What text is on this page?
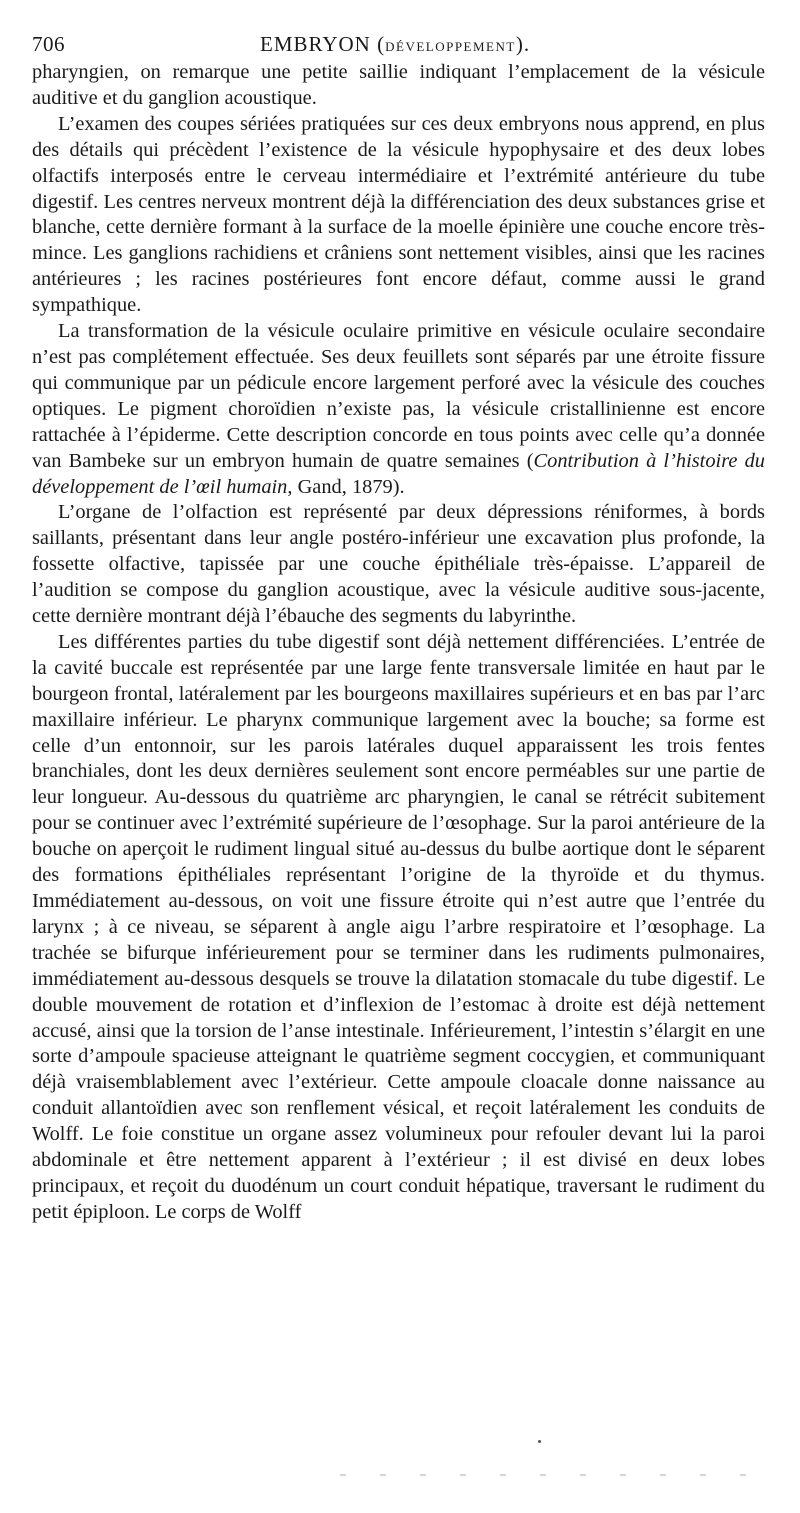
706	EMBRYON (DÉVELOPPEMENT).

pharyngien, on remarque une petite saillie indiquant l’emplacement de la vésicule auditive et du ganglion acoustique.

L’examen des coupes sériées pratiquées sur ces deux embryons nous apprend, en plus des détails qui précèdent l’existence de la vésicule hypophysaire et des deux lobes olfactifs interposés entre le cerveau intermédiaire et l’extrémité antérieure du tube digestif. Les centres nerveux montrent déjà la différenciation des deux substances grise et blanche, cette dernière formant à la surface de la moelle épinière une couche encore très-mince. Les ganglions rachidiens et crâniens sont nettement visibles, ainsi que les racines antérieures ; les racines postérieures font encore défaut, comme aussi le grand sympathique.

La transformation de la vésicule oculaire primitive en vésicule oculaire secondaire n’est pas complétement effectuée. Ses deux feuillets sont séparés par une étroite fissure qui communique par un pédicule encore largement perforé avec la vésicule des couches optiques. Le pigment choroïdien n’existe pas, la vésicule cristallinienne est encore rattachée à l’épiderme. Cette description concorde en tous points avec celle qu’a donnée van Bambeke sur un embryon humain de quatre semaines (Contribution à l’histoire du développement de l’œil humain, Gand, 1879).

L’organe de l’olfaction est représenté par deux dépressions réniformes, à bords saillants, présentant dans leur angle postéro-inférieur une excavation plus profonde, la fossette olfactive, tapissée par une couche épithéliale très-épaisse. L’appareil de l’audition se compose du ganglion acoustique, avec la vésicule auditive sous-jacente, cette dernière montrant déjà l’ébauche des segments du labyrinthe.

Les différentes parties du tube digestif sont déjà nettement différenciées. L’entrée de la cavité buccale est représentée par une large fente transversale limitée en haut par le bourgeon frontal, latéralement par les bourgeons maxillaires supérieurs et en bas par l’arc maxillaire inférieur. Le pharynx communique largement avec la bouche; sa forme est celle d’un entonnoir, sur les parois latérales duquel apparaissent les trois fentes branchiales, dont les deux dernières seulement sont encore perméables sur une partie de leur longueur. Au-dessous du quatrième arc pharyngien, le canal se rétrécit subitement pour se continuer avec l’extrémité supérieure de l’œsophage. Sur la paroi antérieure de la bouche on aperçoit le rudiment lingual situé au-dessus du bulbe aortique dont le séparent des formations épithéliales représentant l’origine de la thyroïde et du thymus. Immédiatement au-dessous, on voit une fissure étroite qui n’est autre que l’entrée du larynx ; à ce niveau, se séparent à angle aigu l’arbre respiratoire et l’œsophage. La trachée se bifurque inférieurement pour se terminer dans les rudiments pulmonaires, immédiatement au-dessous desquels se trouve la dilatation stomacale du tube digestif. Le double mouvement de rotation et d’inflexion de l’estomac à droite est déjà nettement accusé, ainsi que la torsion de l’anse intestinale. Inférieurement, l’intestin s’élargit en une sorte d’ampoule spacieuse atteignant le quatrième segment coccygien, et communiquant déjà vraisemblablement avec l’extérieur. Cette ampoule cloacale donne naissance au conduit allantoïdien avec son renflement vésical, et reçoit latéralement les conduits de Wolff. Le foie constitue un organe assez volumineux pour refouler devant lui la paroi abdominale et être nettement apparent à l’extérieur ; il est divisé en deux lobes principaux, et reçoit du duodénum un court conduit hépatique, traversant le rudiment du petit épiploon. Le corps de Wolff
